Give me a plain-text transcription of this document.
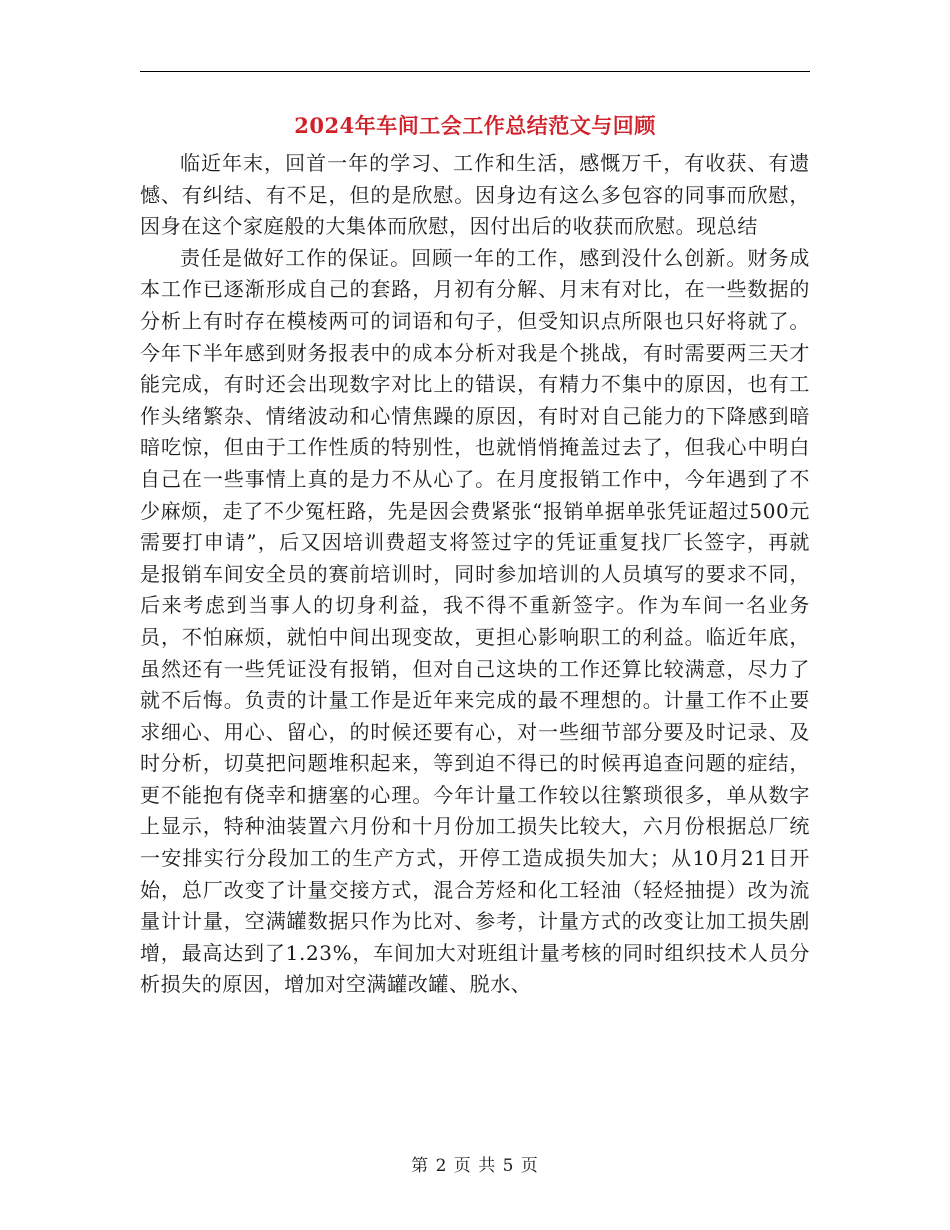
2024年车间工会工作总结范文与回顾

临近年末，回首一年的学习、工作和生活，感慨万千，有收获、有遗憾、有纠结、有不足，但的是欣慰。因身边有这么多包容的同事而欣慰，因身在这个家庭般的大集体而欣慰，因付出后的收获而欣慰。现总结

责任是做好工作的保证。回顾一年的工作，感到没什么创新。财务成本工作已逐渐形成自己的套路，月初有分解、月末有对比，在一些数据的分析上有时存在模棱两可的词语和句子，但受知识点所限也只好将就了。今年下半年感到财务报表中的成本分析对我是个挑战，有时需要两三天才能完成，有时还会出现数字对比上的错误，有精力不集中的原因，也有工作头绪繁杂、情绪波动和心情焦躁的原因，有时对自己能力的下降感到暗暗吃惊，但由于工作性质的特别性，也就悄悄掩盖过去了，但我心中明白自己在一些事情上真的是力不从心了。在月度报销工作中，今年遇到了不少麻烦，走了不少冤枉路，先是因会费紧张“报销单据单张凭证超过500元需要打申请”，后又因培训费超支将签过字的凭证重复找厂长签字，再就是报销车间安全员的赛前培训时，同时参加培训的人员填写的要求不同，后来考虑到当事人的切身利益，我不得不重新签字。作为车间一名业务员，不怕麻烦，就怕中间出现变故，更担心影响职工的利益。临近年底，虽然还有一些凭证没有报销，但对自己这块的工作还算比较满意，尽力了就不后悔。负责的计量工作是近年来完成的最不理想的。计量工作不止要求细心、用心、留心，的时候还要有心，对一些细节部分要及时记录、及时分析，切莫把问题堆积起来，等到迫不得已的时候再追查问题的症结，更不能抱有侥幸和搪塞的心理。今年计量工作较以往繁琐很多，单从数字上显示，特种油装置六月份和十月份加工损失比较大，六月份根据总厂统一安排实行分段加工的生产方式，开停工造成损失加大；从10月21日开始，总厂改变了计量交接方式，混合芳烃和化工轻油（轻烃抽提）改为流量计计量，空满罐数据只作为比对、参考，计量方式的改变让加工损失剧增，最高达到了1.23%，车间加大对班组计量考核的同时组织技术人员分析损失的原因，增加对空满罐改罐、脱水、

第 2 页 共 5 页
